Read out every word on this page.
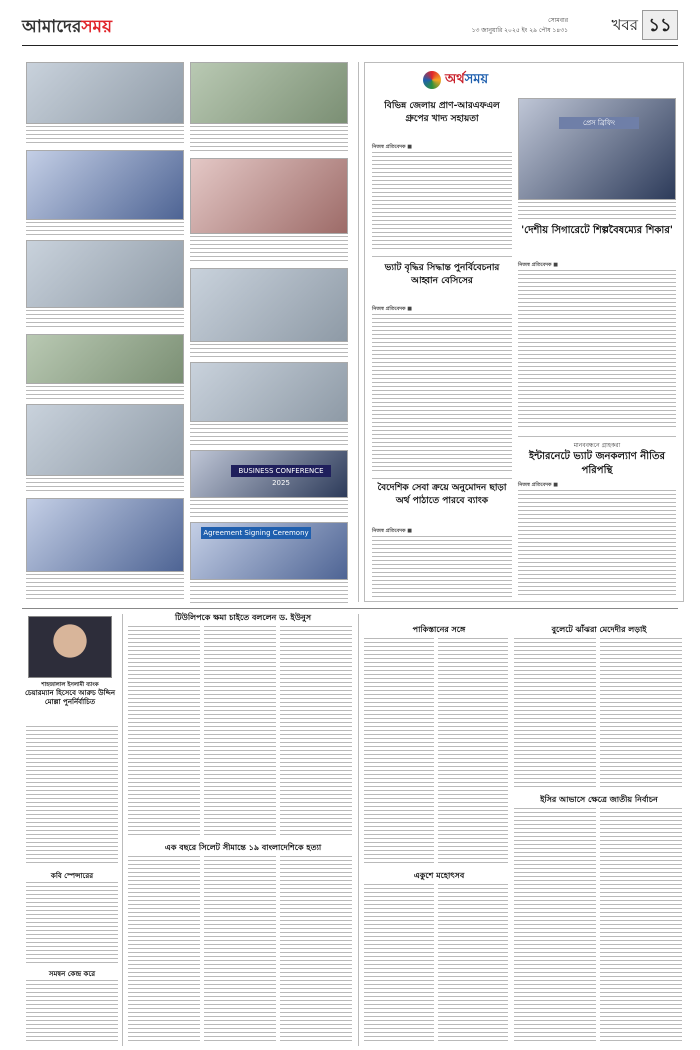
আমাদেরসময়	সোমবার
১৩ জানুয়ারি ২০২৫ ইং ২৯ পৌষ ১৪৩১	খবর ১১
BUSINESS CONFERENCE 2025
Agreement Signing Ceremony
অর্থসময়
বিভিন্ন জেলায় প্রাণ-আরএফএল গ্রুপের খাদ্য সহায়তা
নিজস্ব প্রতিবেদক ■
প্রেস ব্রিফিং
'দেশীয় সিগারেটে শিল্পবৈষম্যের শিকার'
নিজস্ব প্রতিবেদক ■
ভ্যাট বৃদ্ধির সিদ্ধান্ত পুনর্বিবেচনার আহ্বান বেসিসের
নিজস্ব প্রতিবেদক ■
বৈদেশিক সেবা ক্রয়ে অনুমোদন ছাড়া অর্থ পাঠাতে পারবে ব্যাংক
নিজস্ব প্রতিবেদক ■
মানববন্ধনে গ্রাহকরা
ইন্টারনেটে ভ্যাট জনকল্যাণ নীতির পরিপন্থি
নিজস্ব প্রতিবেদক ■
শাহজালাল ইসলামী ব্যাংক
চেয়ারম্যান হিসেবে আরুচ উদ্দিন মোল্লা পুনর্নির্বাচিত
কবি স্পেন্সারের
সমন্বন কেন্দ্র করে
টিউলিপকে ক্ষমা চাইতে বললেন ড. ইউনুস
এক বছরে সিলেট সীমান্তে ১৯ বাংলাদেশিকে হত্যা
পাকিস্তানের সঙ্গে
একুশে মহোৎসব
বুলেটে ঝাঁঝরা মেদেদীর লড়াই
ইসির আভাসে ক্ষেত্রে জাতীয় নির্বাচন
